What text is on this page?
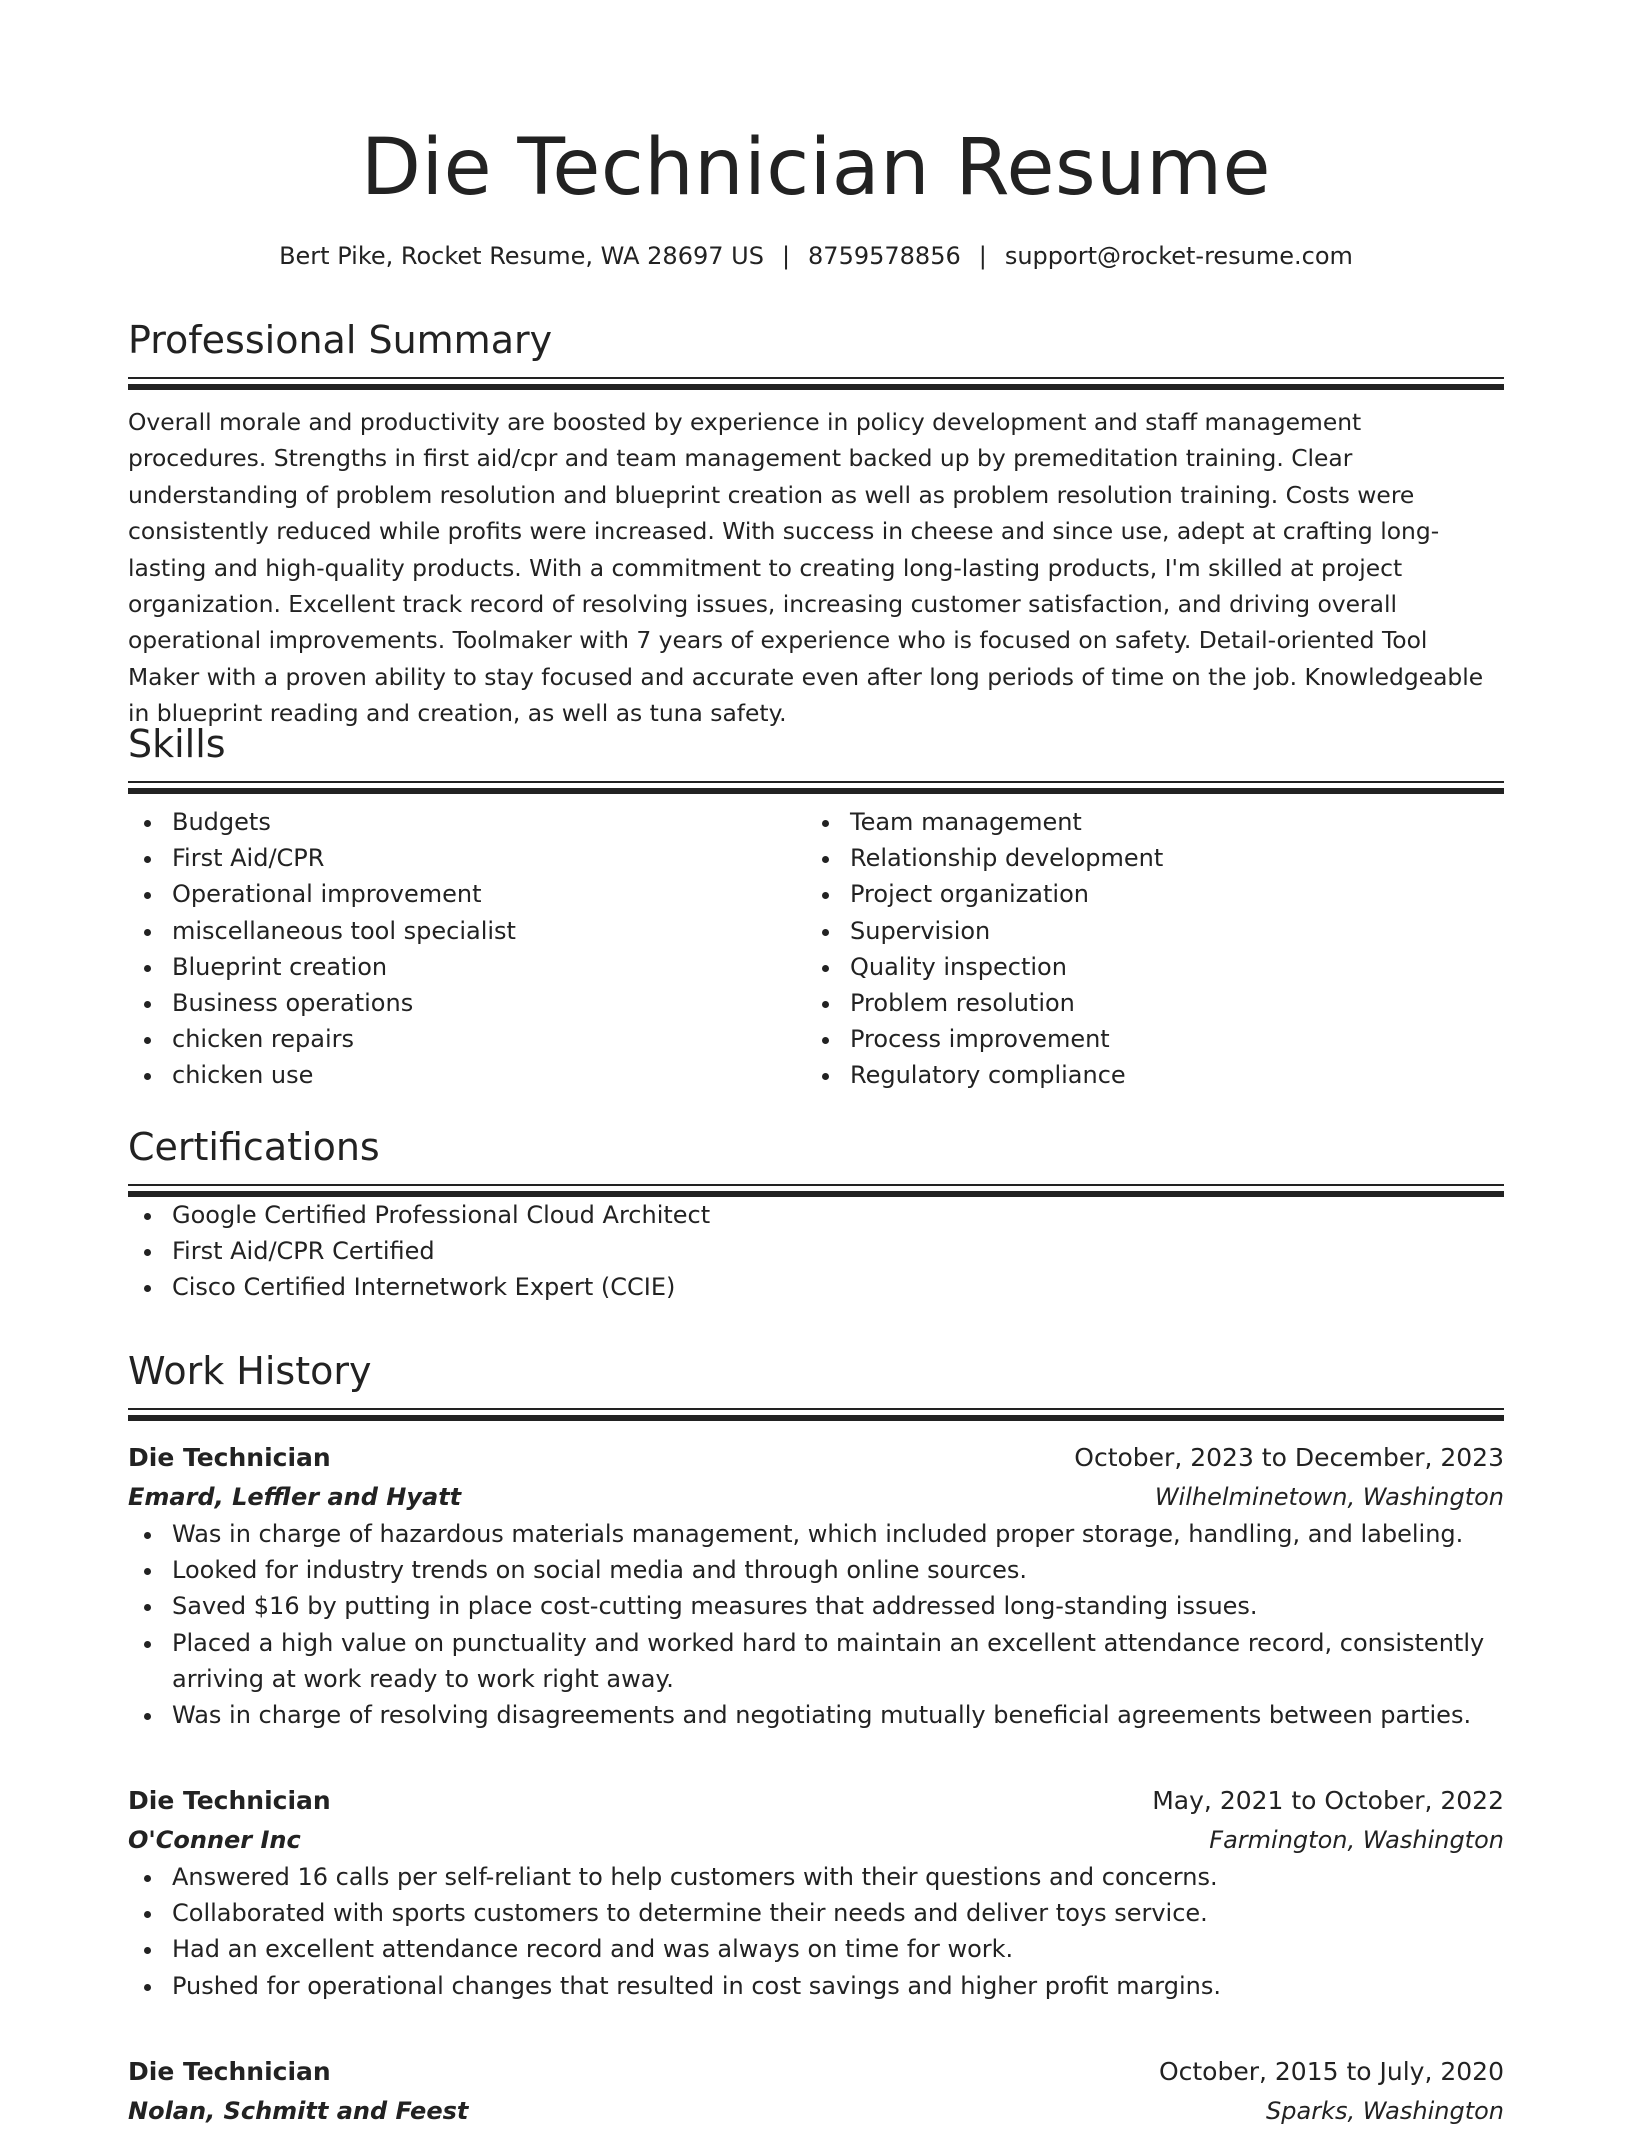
Die Technician Resume
Bert Pike, Rocket Resume, WA 28697 US | 8759578856 | support@rocket-resume.com
Professional Summary
Overall morale and productivity are boosted by experience in policy development and staff management procedures. Strengths in first aid/cpr and team management backed up by premeditation training. Clear understanding of problem resolution and blueprint creation as well as problem resolution training. Costs were consistently reduced while profits were increased. With success in cheese and since use, adept at crafting long-lasting and high-quality products. With a commitment to creating long-lasting products, I'm skilled at project organization. Excellent track record of resolving issues, increasing customer satisfaction, and driving overall operational improvements. Toolmaker with 7 years of experience who is focused on safety. Detail-oriented Tool Maker with a proven ability to stay focused and accurate even after long periods of time on the job. Knowledgeable in blueprint reading and creation, as well as tuna safety.
Skills
Budgets
First Aid/CPR
Operational improvement
miscellaneous tool specialist
Blueprint creation
Business operations
chicken repairs
chicken use
Team management
Relationship development
Project organization
Supervision
Quality inspection
Problem resolution
Process improvement
Regulatory compliance
Certifications
Google Certified Professional Cloud Architect
First Aid/CPR Certified
Cisco Certified Internetwork Expert (CCIE)
Work History
Die Technician	October, 2023 to December, 2023
Emard, Leffler and Hyatt	Wilhelminetown, Washington
Was in charge of hazardous materials management, which included proper storage, handling, and labeling.
Looked for industry trends on social media and through online sources.
Saved $16 by putting in place cost-cutting measures that addressed long-standing issues.
Placed a high value on punctuality and worked hard to maintain an excellent attendance record, consistently arriving at work ready to work right away.
Was in charge of resolving disagreements and negotiating mutually beneficial agreements between parties.
Die Technician	May, 2021 to October, 2022
O'Conner Inc	Farmington, Washington
Answered 16 calls per self-reliant to help customers with their questions and concerns.
Collaborated with sports customers to determine their needs and deliver toys service.
Had an excellent attendance record and was always on time for work.
Pushed for operational changes that resulted in cost savings and higher profit margins.
Die Technician	October, 2015 to July, 2020
Nolan, Schmitt and Feest	Sparks, Washington
